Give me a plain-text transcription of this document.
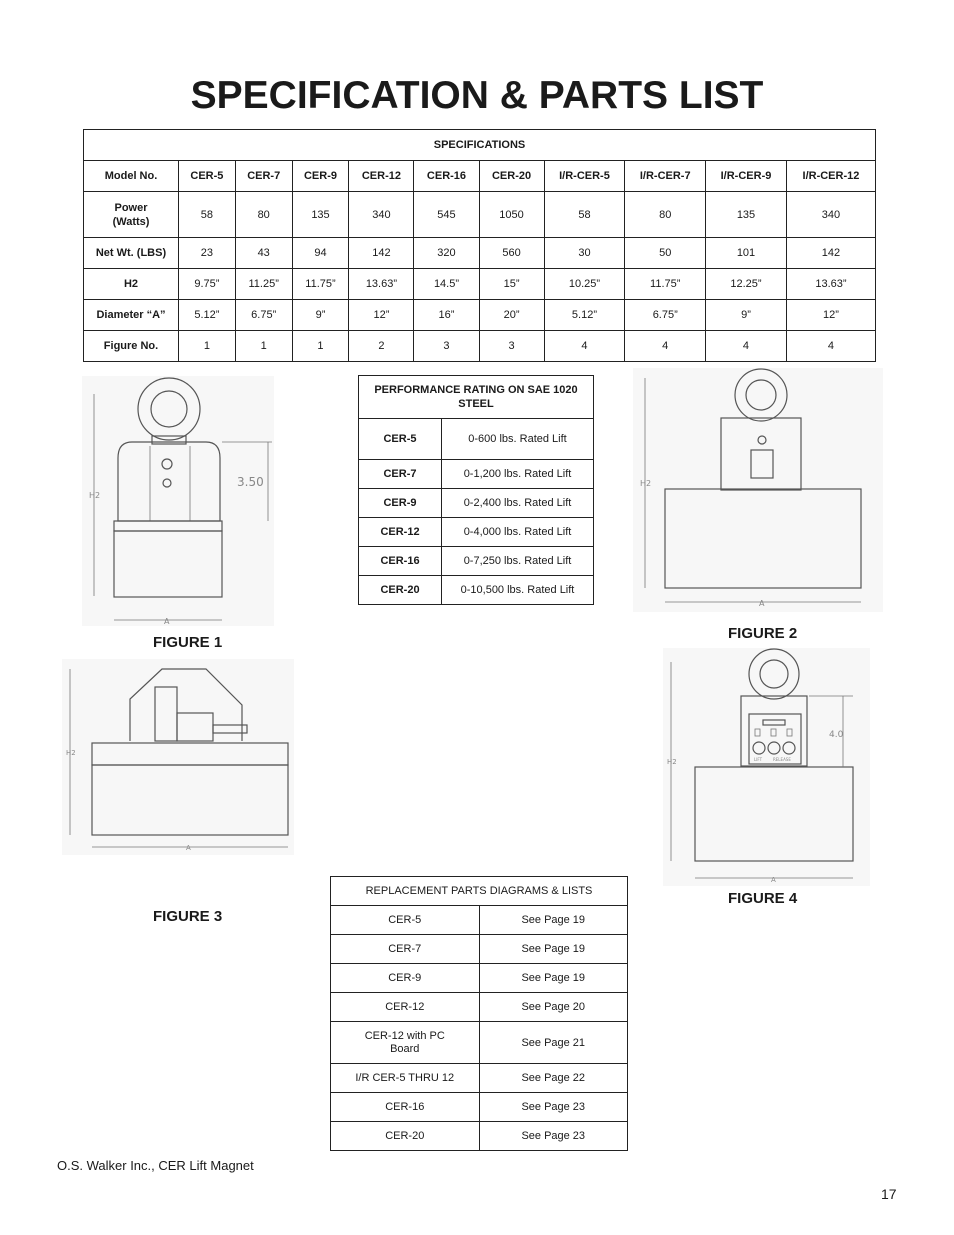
SPECIFICATION & PARTS LIST
SPECIFICATIONS										
Model No.	CER-5	CER-7	CER-9	CER-12	CER-16	CER-20	I/R-CER-5	I/R-CER-7	I/R-CER-9	I/R-CER-12
Power (Watts)	58	80	135	340	545	1050	58	80	135	340
Net Wt. (LBS)	23	43	94	142	320	560	30	50	101	142
H2	9.75”	11.25”	11.75”	13.63”	14.5”	15”	10.25”	11.75”	12.25”	13.63”
Diameter “A”	5.12”	6.75”	9”	12”	16”	20”	5.12”	6.75”	9”	12”
Figure No.	1	1	1	2	3	3	4	4	4	4
PERFORMANCE RATING ON SAE 1020 STEEL	
CER-5	0-600 lbs. Rated Lift
CER-7	0-1,200 lbs. Rated Lift
CER-9	0-2,400 lbs. Rated Lift
CER-12	0-4,000 lbs. Rated Lift
CER-16	0-7,250 lbs. Rated Lift
CER-20	0-10,500 lbs. Rated Lift
REPLACEMENT PARTS DIAGRAMS & LISTS	
CER-5	See Page 19
CER-7	See Page 19
CER-9	See Page 19
CER-12	See Page 20
CER-12 with PC Board	See Page 21
I/R CER-5 THRU 12	See Page 22
CER-16	See Page 23
CER-20	See Page 23
H2
3.50
A
FIGURE 1
H2
A
FIGURE 2
H2
A
FIGURE 3
LIFT	RELEASE
H2
4.0
A
FIGURE 4
O.S. Walker Inc., CER Lift Magnet
17
